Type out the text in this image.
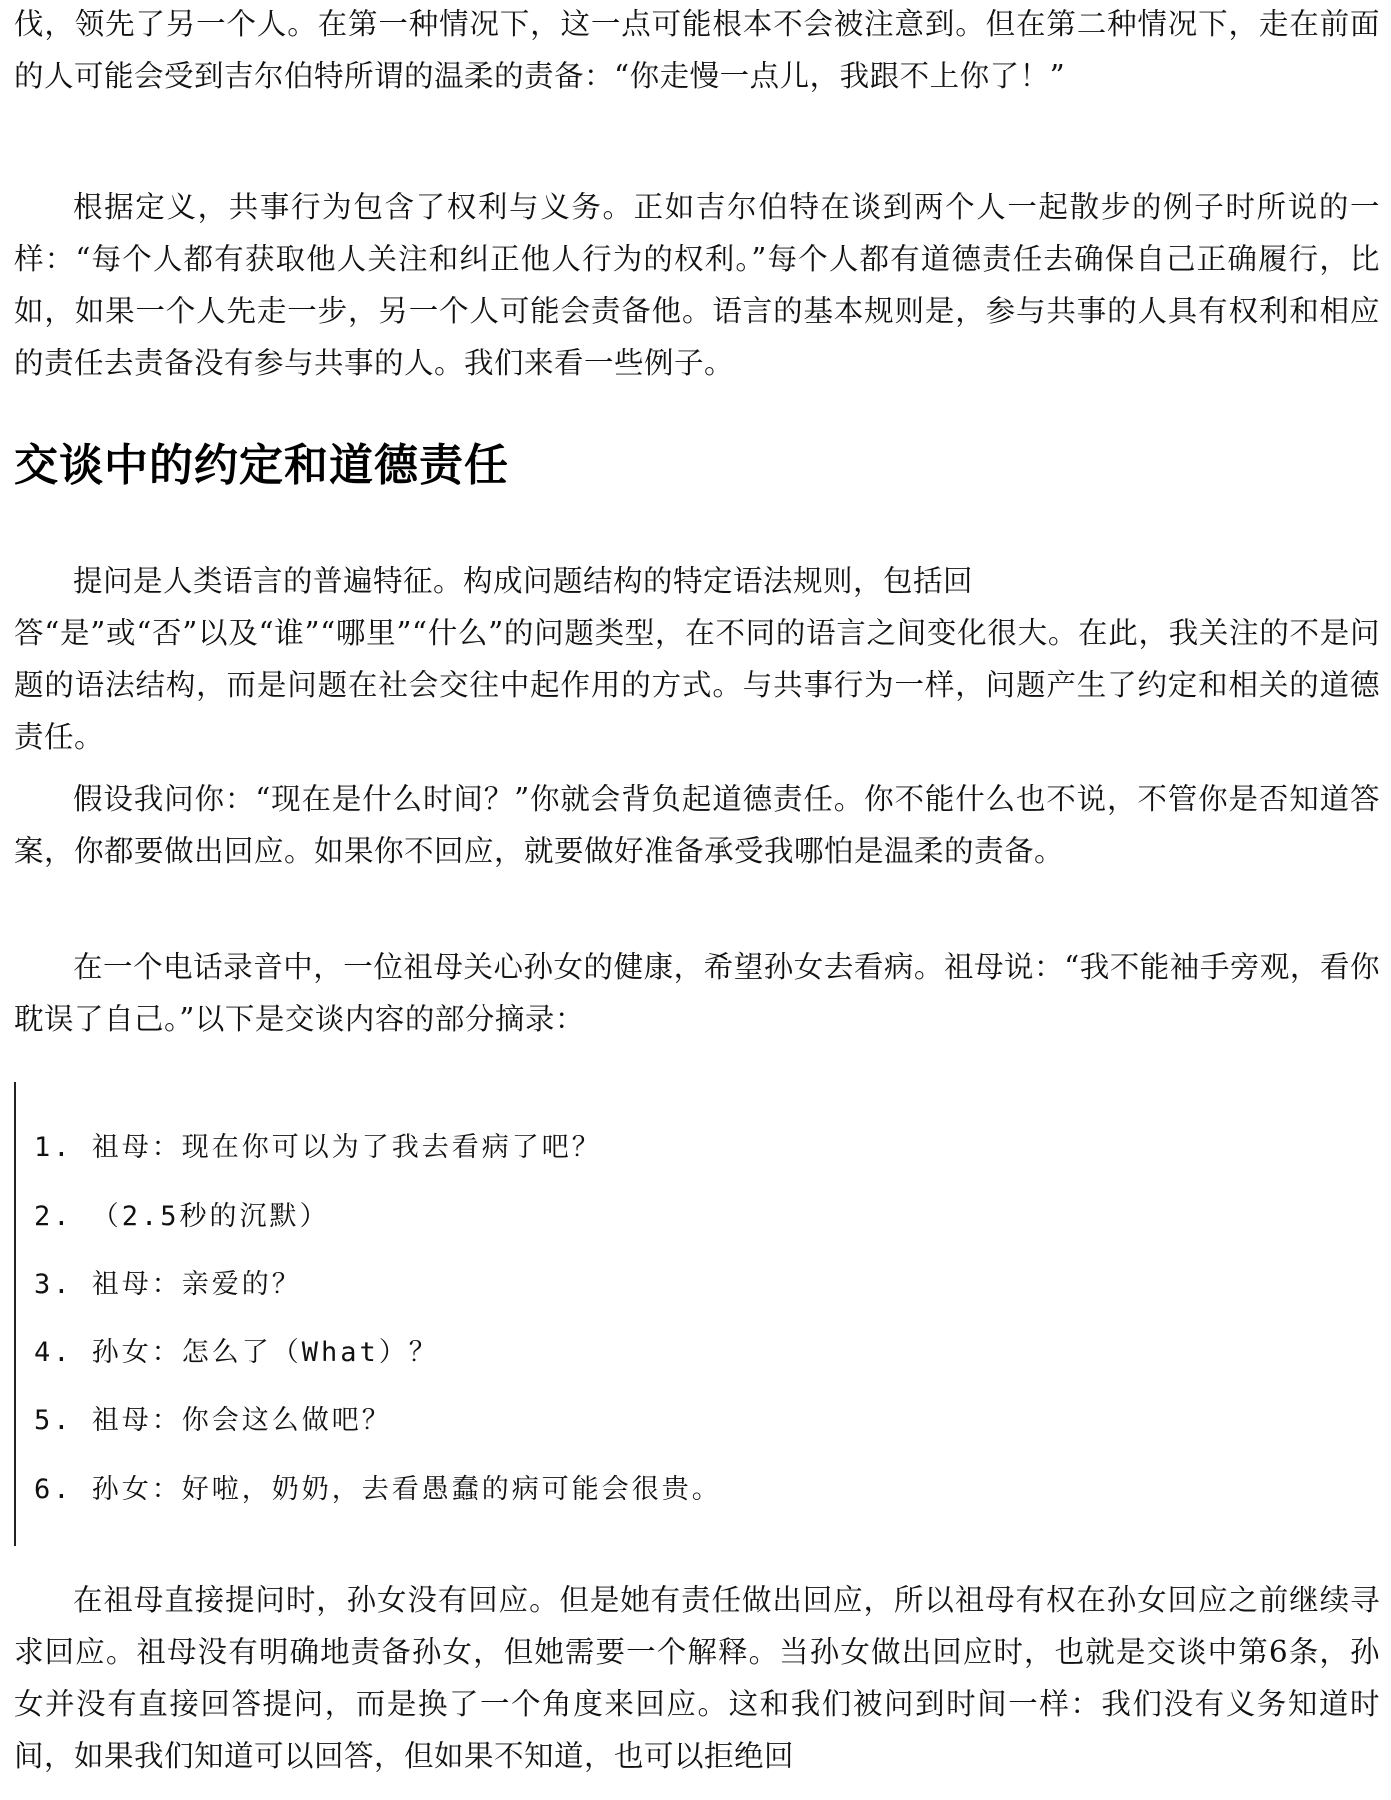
伐，领先了另一个人。在第一种情况下，这一点可能根本不会被注意到。但在第二种情况下，走在前面的人可能会受到吉尔伯特所谓的温柔的责备：“你走慢一点儿，我跟不上你了！”

根据定义，共事行为包含了权利与义务。正如吉尔伯特在谈到两个人一起散步的例子时所说的一样：“每个人都有获取他人关注和纠正他人行为的权利。”每个人都有道德责任去确保自己正确履行，比如，如果一个人先走一步，另一个人可能会责备他。语言的基本规则是，参与共事的人具有权利和相应的责任去责备没有参与共事的人。我们来看一些例子。

交谈中的约定和道德责任

提问是人类语言的普遍特征。构成问题结构的特定语法规则，包括回

答“是”或“否”以及“谁”“哪里”“什么”的问题类型，在不同的语言之间变化很大。在此，我关注的不是问题的语法结构，而是问题在社会交往中起作用的方式。与共事行为一样，问题产生了约定和相关的道德责任。

假设我问你：“现在是什么时间？”你就会背负起道德责任。你不能什么也不说，不管你是否知道答案，你都要做出回应。如果你不回应，就要做好准备承受我哪怕是温柔的责备。

在一个电话录音中，一位祖母关心孙女的健康，希望孙女去看病。祖母说：“我不能袖手旁观，看你耽误了自己。”以下是交谈内容的部分摘录：

1. 祖母：现在你可以为了我去看病了吧？

2. （2.5秒的沉默）

3. 祖母：亲爱的？

4. 孙女：怎么了（What）？

5. 祖母：你会这么做吧？

6. 孙女：好啦，奶奶，去看愚蠢的病可能会很贵。

在祖母直接提问时，孙女没有回应。但是她有责任做出回应，所以祖母有权在孙女回应之前继续寻求回应。祖母没有明确地责备孙女，但她需要一个解释。当孙女做出回应时，也就是交谈中第6条，孙女并没有直接回答提问，而是换了一个角度来回应。这和我们被问到时间一样：我们没有义务知道时间，如果我们知道可以回答，但如果不知道，也可以拒绝回
